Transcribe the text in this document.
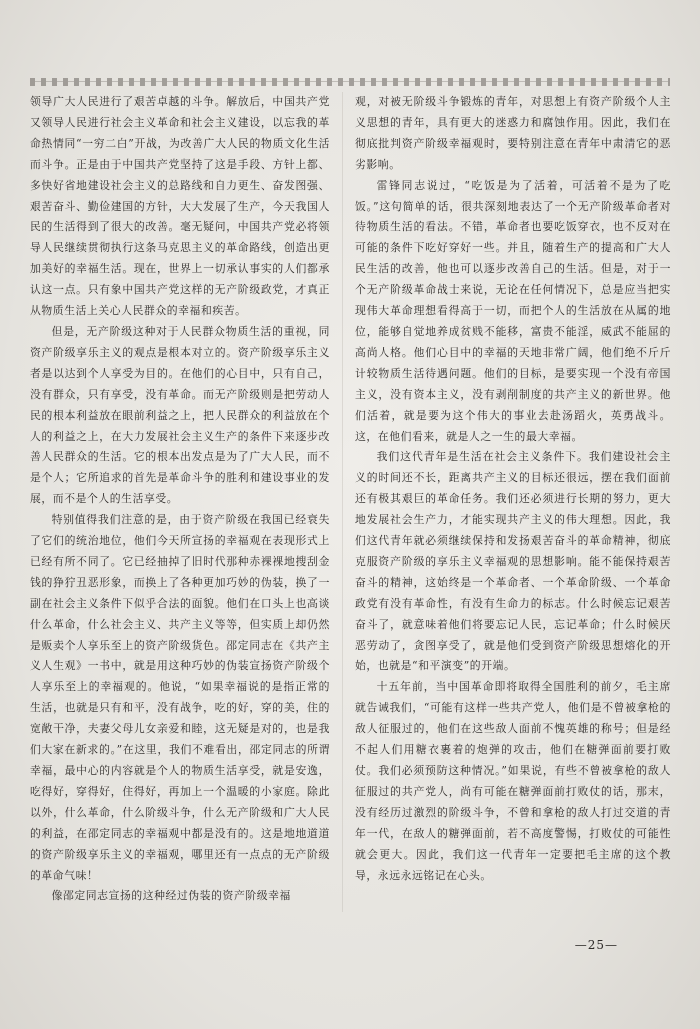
领导广大人民进行了艰苦卓越的斗争。解放后，中国共产党又领导人民进行社会主义革命和社会主义建设，以忘我的革命热情同“一穷二白”开战，为改善广大人民的物质文化生活而斗争。正是由于中国共产党坚持了这是手段、方针上都、多快好省地建设社会主义的总路线和自力更生、奋发图强、艰苦奋斗、勤俭建国的方针，大大发展了生产，今天我国人民的生活得到了很大的改善。毫无疑问，中国共产党必将领导人民继续贯彻执行这条马克思主义的革命路线，创造出更加美好的幸福生活。现在，世界上一切承认事实的人们都承认这一点。只有象中国共产党这样的无产阶级政党，才真正从物质生活上关心人民群众的幸福和疾苦。

但是，无产阶级这种对于人民群众物质生活的重视，同资产阶级享乐主义的观点是根本对立的。资产阶级享乐主义者是以达到个人享受为目的。在他们的心目中，只有自己，没有群众，只有享受，没有革命。而无产阶级则是把劳动人民的根本利益放在眼前利益之上，把人民群众的利益放在个人的利益之上，在大力发展社会主义生产的条件下来逐步改善人民群众的生活。它的根本出发点是为了广大人民，而不是个人；它所追求的首先是革命斗争的胜利和建设事业的发展，而不是个人的生活享受。

特别值得我们注意的是，由于资产阶级在我国已经衰失了它们的统治地位，他们今天所宣扬的幸福观在表现形式上已经有所不同了。它已经抽掉了旧时代那种赤裸裸地搜刮金钱的狰狞丑恶形象，而换上了各种更加巧妙的伪装，换了一副在社会主义条件下似乎合法的面貌。他们在口头上也高谈什么革命，什么社会主义、共产主义等等，但实质上却仍然是贩卖个人享乐至上的资产阶级货色。邵定同志在《共产主义人生观》一书中，就是用这种巧妙的伪装宣扬资产阶级个人享乐至上的幸福观的。他说，“如果幸福说的是指正常的生活，也就是只有和平，没有战争，吃的好，穿的美，住的宽敞干净，夫妻父母儿女亲爱和睦，这无疑是对的，也是我们大家在新求的。”在这里，我们不难看出，邵定同志的所谓幸福，最中心的内容就是个人的物质生活享受，就是安逸，吃得好，穿得好，住得好，再加上一个温暖的小家庭。除此以外，什么革命，什么阶级斗争，什么无产阶级和广大人民的利益，在邵定同志的幸福观中都是没有的。这是地地道道的资产阶级享乐主义的幸福观，哪里还有一点点的无产阶级的革命气味！

像邵定同志宣扬的这种经过伪装的资产阶级幸福

观，对被无阶级斗争锻炼的青年，对思想上有资产阶级个人主义思想的青年，具有更大的迷惑力和腐蚀作用。因此，我们在彻底批判资产阶级幸福观时，要特别注意在青年中肃清它的恶劣影响。

雷锋同志说过，“吃饭是为了活着，可活着不是为了吃饭。”这句简单的话，很共深刻地表达了一个无产阶级革命者对待物质生活的看法。不错，革命者也要吃饭穿衣，也不反对在可能的条件下吃好穿好一些。并且，随着生产的提高和广大人民生活的改善，他也可以逐步改善自己的生活。但是，对于一个无产阶级革命战士来说，无论在任何情况下，总是应当把实现伟大革命理想看得高于一切，而把个人的生活放在从属的地位，能够自觉地养成贫贱不能移，富贵不能淫，威武不能屈的高尚人格。他们心目中的幸福的天地非常广阔，他们绝不斤斤计较物质生活待遇问题。他们的目标，是要实现一个没有帝国主义，没有资本主义，没有剥削制度的共产主义的新世界。他们活着，就是要为这个伟大的事业去赴汤蹈火，英勇战斗。这，在他们看来，就是人之一生的最大幸福。

我们这代青年是生活在社会主义条件下。我们建设社会主义的时间还不长，距离共产主义的目标还很远，摆在我们面前还有极其艰巨的革命任务。我们还必须进行长期的努力，更大地发展社会生产力，才能实现共产主义的伟大理想。因此，我们这代青年就必须继续保持和发扬艰苦奋斗的革命精神，彻底克服资产阶级的享乐主义幸福观的思想影响。能不能保持艰苦奋斗的精神，这始终是一个革命者、一个革命阶级、一个革命政党有没有革命性，有没有生命力的标志。什么时候忘记艰苦奋斗了，就意味着他们将要忘记人民，忘记革命；什么时候厌恶劳动了，贪图享受了，就是他们受到资产阶级思想熔化的开始，也就是“和平演变”的开端。

十五年前，当中国革命即将取得全国胜利的前夕，毛主席就告诫我们，“可能有这样一些共产党人，他们是不曾被拿枪的敌人征服过的，他们在这些敌人面前不愧英雄的称号；但是经不起人们用糖衣裹着的炮弹的攻击，他们在糖弹面前要打败仗。我们必须预防这种情况。”如果说，有些不曾被拿枪的敌人征服过的共产党人，尚有可能在糖弹面前打败仗的话，那末，没有经历过激烈的阶级斗争，不曾和拿枪的敌人打过交道的青年一代，在敌人的糖弹面前，若不高度警惕，打败仗的可能性就会更大。因此，我们这一代青年一定要把毛主席的这个教导，永远永远铭记在心头。

—25—
